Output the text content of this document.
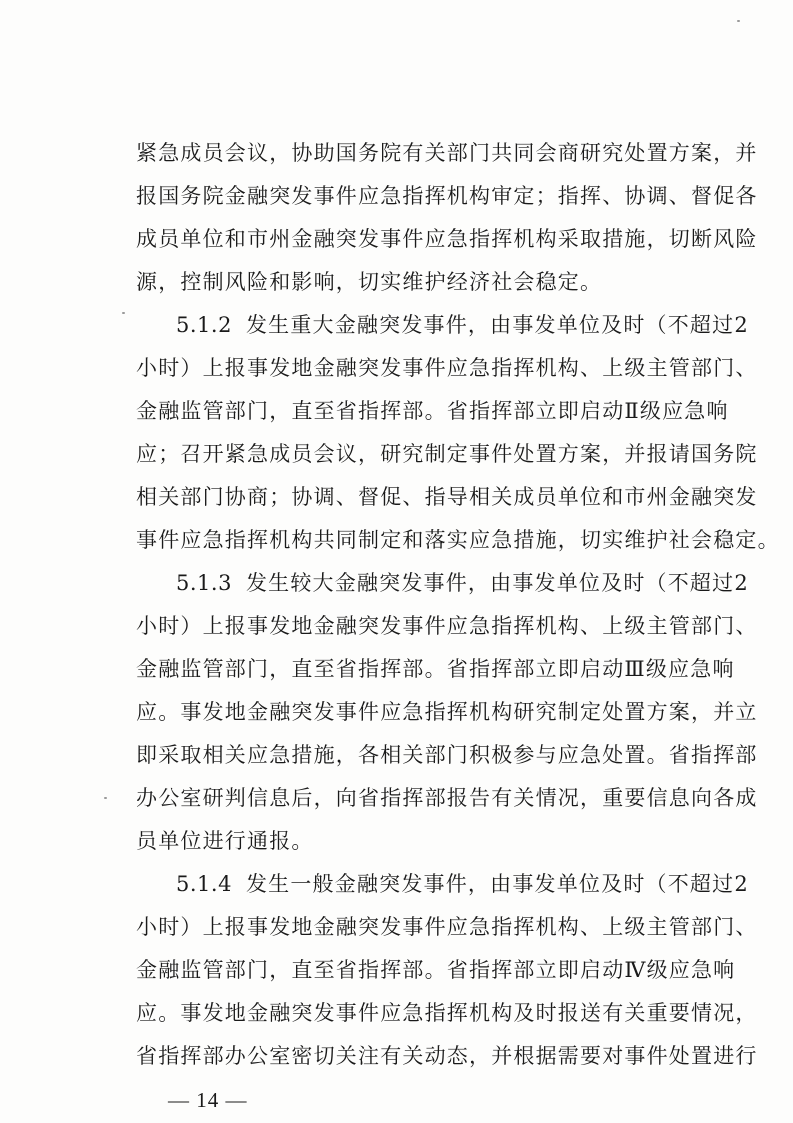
紧急成员会议，协助国务院有关部门共同会商研究处置方案，并
报国务院金融突发事件应急指挥机构审定；指挥、协调、督促各
成员单位和市州金融突发事件应急指挥机构采取措施，切断风险
源，控制风险和影响，切实维护经济社会稳定。
5.1.2 发生重大金融突发事件，由事发单位及时（不超过2
小时）上报事发地金融突发事件应急指挥机构、上级主管部门、
金融监管部门，直至省指挥部。省指挥部立即启动Ⅱ级应急响
应；召开紧急成员会议，研究制定事件处置方案，并报请国务院
相关部门协商；协调、督促、指导相关成员单位和市州金融突发
事件应急指挥机构共同制定和落实应急措施，切实维护社会稳定。
5.1.3 发生较大金融突发事件，由事发单位及时（不超过2
小时）上报事发地金融突发事件应急指挥机构、上级主管部门、
金融监管部门，直至省指挥部。省指挥部立即启动Ⅲ级应急响
应。事发地金融突发事件应急指挥机构研究制定处置方案，并立
即采取相关应急措施，各相关部门积极参与应急处置。省指挥部
办公室研判信息后，向省指挥部报告有关情况，重要信息向各成
员单位进行通报。
5.1.4 发生一般金融突发事件，由事发单位及时（不超过2
小时）上报事发地金融突发事件应急指挥机构、上级主管部门、
金融监管部门，直至省指挥部。省指挥部立即启动Ⅳ级应急响
应。事发地金融突发事件应急指挥机构及时报送有关重要情况，
省指挥部办公室密切关注有关动态，并根据需要对事件处置进行
— 14 —
